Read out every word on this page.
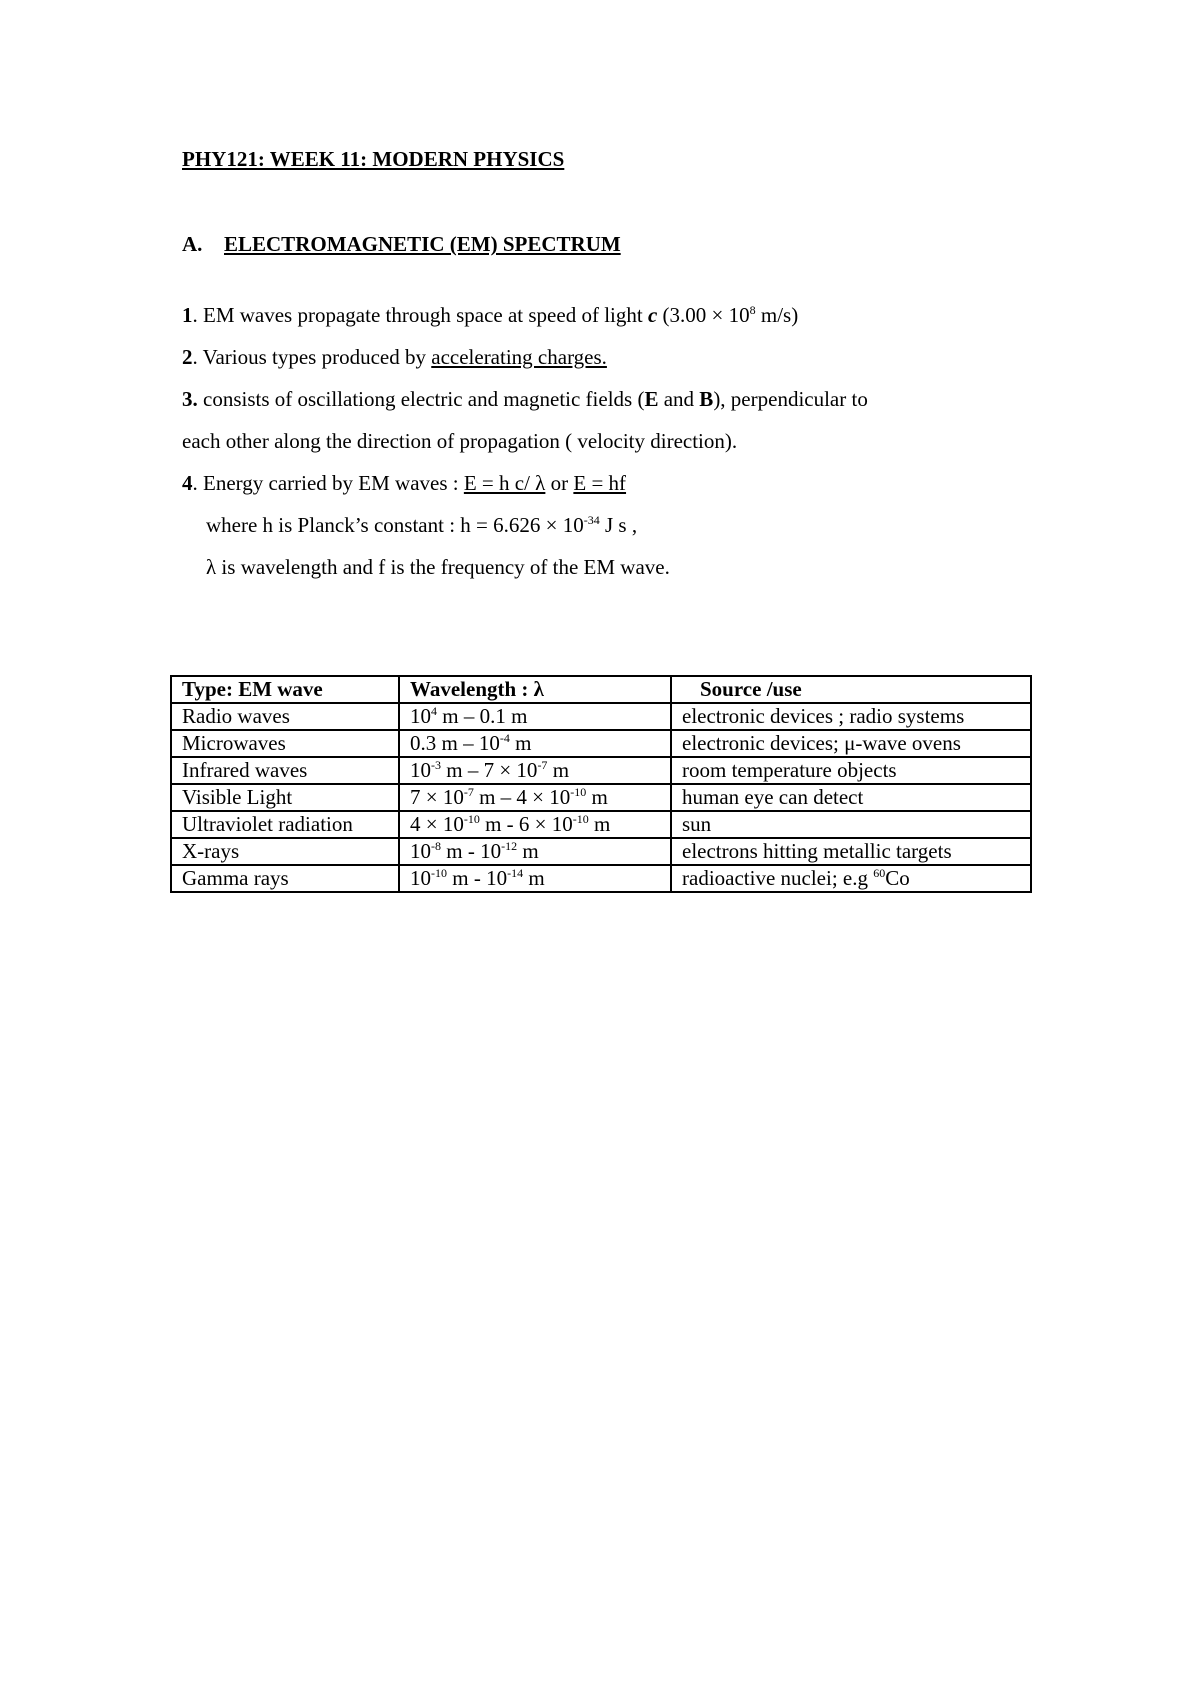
PHY121: WEEK 11: MODERN PHYSICS
A. ELECTROMAGNETIC (EM) SPECTRUM
1. EM waves propagate through space at speed of light c ($3.00 \times 10^8$ m/s)
2. Various types produced by accelerating charges.
3. consists of oscillationg electric and magnetic fields (E and B), perpendicular to
each other along the direction of propagation ( velocity direction).
4. Energy carried by EM waves : E = h c/ λ or E = hf
where h is Planck’s constant : $h = 6.626 \times 10^{-34}$ J s ,
λ is wavelength and f is the frequency of the EM wave.
Type: EM wave	Wavelength : λ	Source /use
Radio waves	$10^4$ m – 0.1 m	electronic devices ; radio systems
Microwaves	0.3 m – $10^{-4}$ m	electronic devices; μ-wave ovens
Infrared waves	$10^{-3}$ $m - 7 \times 10^{-7}$ m	room temperature objects
Visible Light	$7 \times 10^{-7}$ $m - 4 \times 10^{-10}$ m	human eye can detect
Ultraviolet radiation	$4 \times 10^{-10}$ $m - 6 \times 10^{-10}$ m	sun
X-rays	$10^{-8}$ m - $10^{-12}$ m	electrons hitting metallic targets
Gamma rays	$10^{-10}$ m - $10^{-14}$ m	radioactive nuclei; e.g $^{60}$Co
